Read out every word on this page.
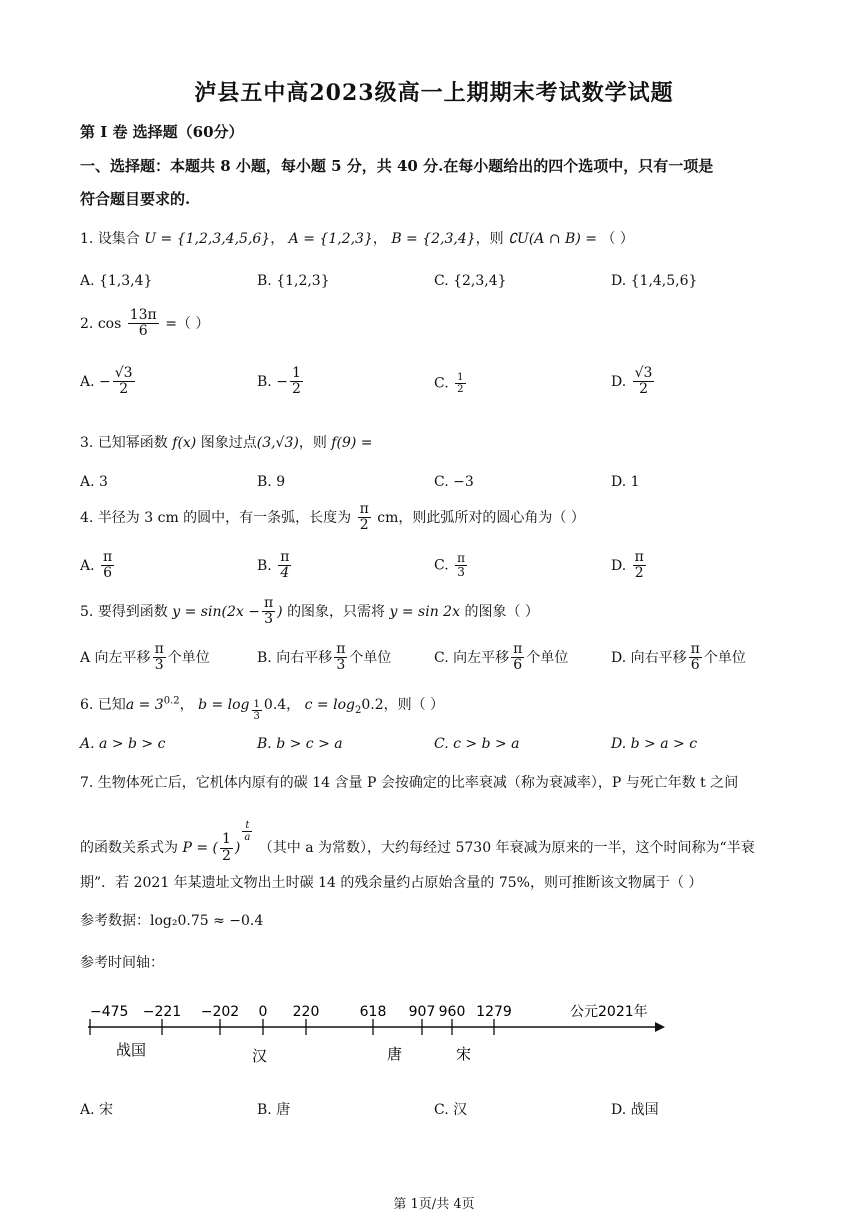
泸县五中高2023级高一上期期末考试数学试题
第 I 卷 选择题（60分）
一、选择题：本题共 8 小题，每小题 5 分，共 40 分.在每小题给出的四个选项中，只有一项是
符合题目要求的.
1. 设集合 U = {1,2,3,4,5,6}， A = {1,2,3}， B = {2,3,4}，则 ∁U(A ∩ B) = （ ）
A. {1,3,4}	B. {1,2,3}	C. {2,3,4}	D. {1,4,5,6}
2. $\cos \frac{13\pi}{6}$ =（ ）
A. − $\frac{√3}{2}$	B. − $\frac{1}{2}$	C. $\frac{1}{2}$	D. $\frac{√3}{2}$
3. 已知幂函数 f(x) 图象过点(3,√3)，则 f(9) =
A. 3	B. 9	C. −3	D. 1
4. 半径为 3 cm 的圆中，有一条弧，长度为 $\frac{\pi}{2}$ cm，则此弧所对的圆心角为（ ）
A. $\frac{\pi}{6}$	B. $\frac{\pi}{4}$	C. $\frac{\pi}{3}$	D. $\frac{\pi}{2}$
5. 要得到函数 $y = \sin(2x - \frac{\pi}{3}$ ) 的图象，只需将 y = sin 2x 的图象（ ）
A 向左平移 $\frac{\pi}{3}$ 个单位	B. 向右平移 $\frac{\pi}{3}$ 个单位	C. 向左平移 $\frac{\pi}{6}$ 个单位	D. 向右平移 $\frac{\pi}{6}$ 个单位
6. 已知$a = 3^{0.2}$， $b = \log \frac{1}{3} 0.4$， $c = \log_20.2$，则（ ）
A. a > b > c	B. b > c > a	C. c > b > a	D. b > a > c
7. 生物体死亡后，它机体内原有的碳 14 含量 P 会按确定的比率衰减（称为衰减率），P 与死亡年数 t 之间
的函数关系式为 P = ( $\frac{1}{2}$ )
$\frac{t}{a}$
（其中 a 为常数），大约每经过 5730 年衰减为原来的一半，这个时间称为“半衰
期”．若 2021 年某遗址文物出土时碳 14 的残余量约占原始含量的 75%，则可推断该文物属于（ ）
参考数据：log₂0.75 ≈ −0.4
参考时间轴：
−475 −221 −202 0 220	618 907 960 1279	公元2021年
战国	汉	唐	宋
A. 宋	B. 唐	C. 汉	D. 战国
第 1页/共 4页
